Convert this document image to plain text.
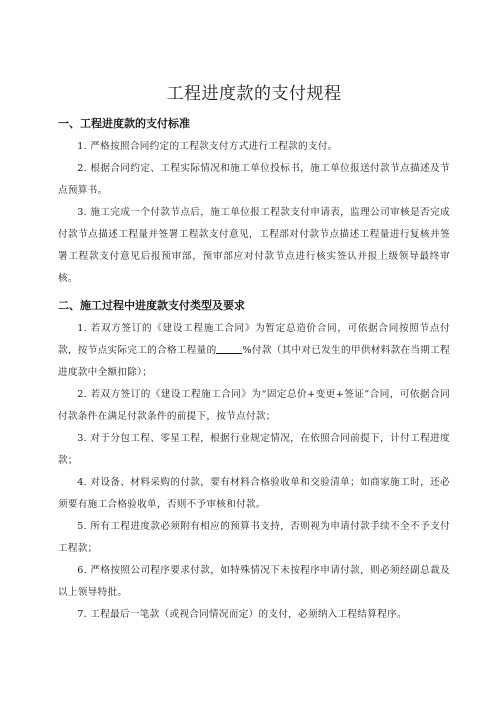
工程进度款的支付规程
一、工程进度款的支付标准

1. 严格按照合同约定的工程款支付方式进行工程款的支付。

2. 根据合同约定、工程实际情况和施工单位投标书，施工单位报送付款节点描述及节点预算书。

3. 施工完成一个付款节点后，施工单位报工程款支付申请表，监理公司审核是否完成付款节点描述工程量并签署工程款支付意见，工程部对付款节点描述工程量进行复核并签署工程款支付意见后报预审部，预审部应对付款节点进行核实签认并报上级领导最终审核。

二、施工过程中进度款支付类型及要求

1. 若双方签订的《建设工程施工合同》为暂定总造价合同，可依据合同按照节点付款，按节点实际完工的合格工程量的	%付款（其中对已发生的甲供材料款在当期工程进度款中全额扣除）；

2. 若双方签订的《建设工程施工合同》为“固定总价+变更+签证”合同，可依据合同付款条件在满足付款条件的前提下，按节点付款；

3. 对于分包工程、零星工程，根据行业规定情况，在依照合同前提下，计付工程进度款；

4. 对设备、材料采购的付款，要有材料合格验收单和交验清单；如商家施工时，还必须要有施工合格验收单，否则不予审核和付款。

5. 所有工程进度款必须附有相应的预算书支持，否则视为申请付款手续不全不予支付工程款；

6. 严格按照公司程序要求付款，如特殊情况下未按程序申请付款，则必须经副总裁及以上领导特批。

7. 工程最后一笔款（或视合同情况而定）的支付，必须纳入工程结算程序。
